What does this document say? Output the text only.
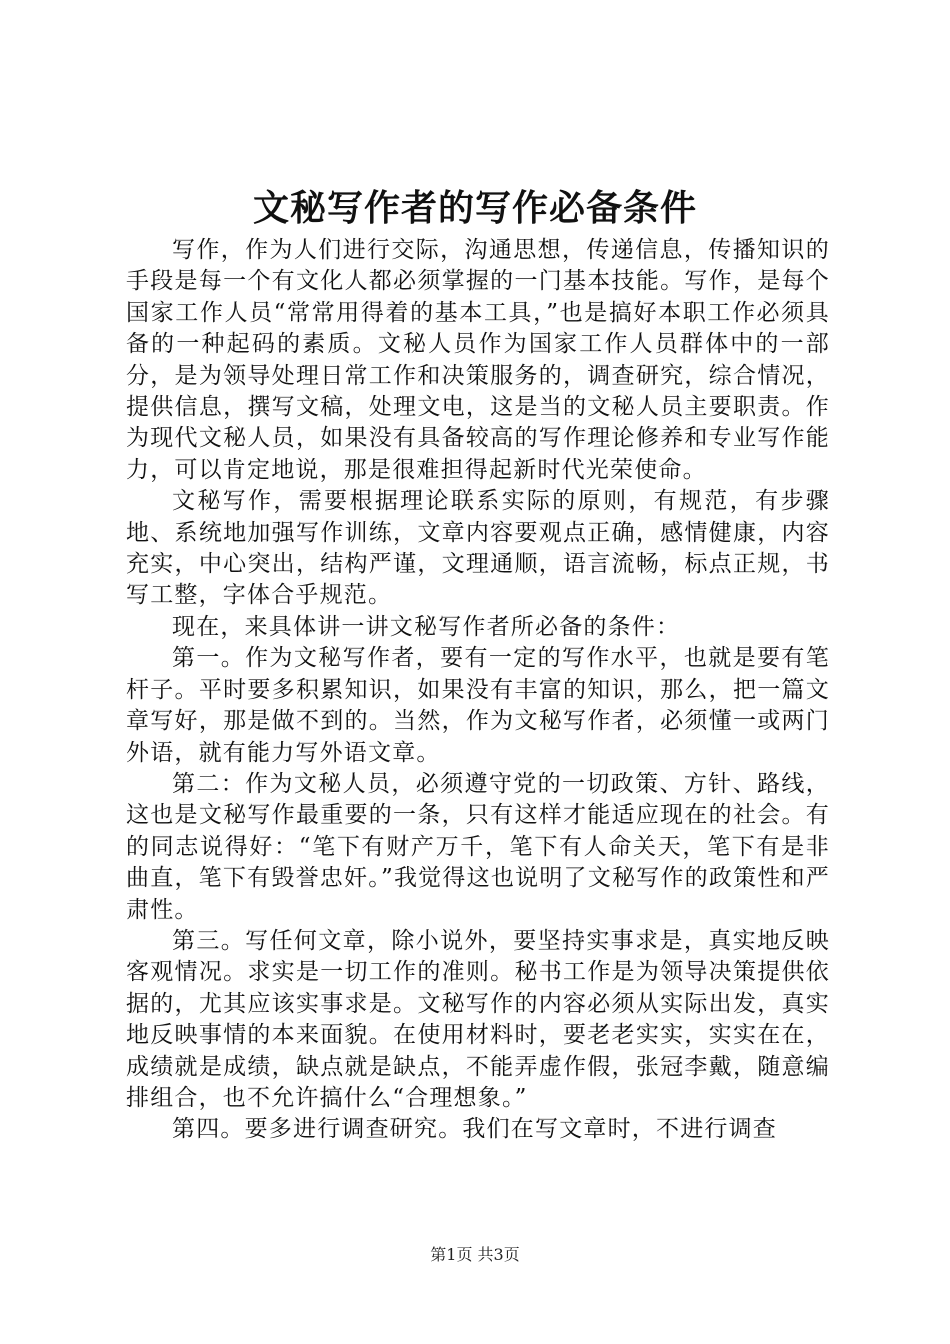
文秘写作者的写作必备条件

写作，作为人们进行交际，沟通思想，传递信息，传播知识的手段是每一个有文化人都必须掌握的一门基本技能。写作，是每个国家工作人员“常常用得着的基本工具，”也是搞好本职工作必须具备的一种起码的素质。文秘人员作为国家工作人员群体中的一部分，是为领导处理日常工作和决策服务的，调查研究，综合情况，提供信息，撰写文稿，处理文电，这是当的文秘人员主要职责。作为现代文秘人员，如果没有具备较高的写作理论修养和专业写作能力，可以肯定地说，那是很难担得起新时代光荣使命。

文秘写作，需要根据理论联系实际的原则，有规范，有步骤地、系统地加强写作训练，文章内容要观点正确，感情健康，内容充实，中心突出，结构严谨，文理通顺，语言流畅，标点正规，书写工整，字体合乎规范。

现在，来具体讲一讲文秘写作者所必备的条件：

第一。作为文秘写作者，要有一定的写作水平，也就是要有笔杆子。平时要多积累知识，如果没有丰富的知识，那么，把一篇文章写好，那是做不到的。当然，作为文秘写作者，必须懂一或两门外语，就有能力写外语文章。

第二：作为文秘人员，必须遵守党的一切政策、方针、路线，这也是文秘写作最重要的一条，只有这样才能适应现在的社会。有的同志说得好：“笔下有财产万千，笔下有人命关天，笔下有是非曲直，笔下有毁誉忠奸。”我觉得这也说明了文秘写作的政策性和严肃性。

第三。写任何文章，除小说外，要坚持实事求是，真实地反映客观情况。求实是一切工作的准则。秘书工作是为领导决策提供依据的，尤其应该实事求是。文秘写作的内容必须从实际出发，真实地反映事情的本来面貌。在使用材料时，要老老实实，实实在在，成绩就是成绩，缺点就是缺点，不能弄虚作假，张冠李戴，随意编排组合，也不允许搞什么“合理想象。”

第四。要多进行调查研究。我们在写文章时，不进行调查

第1页 共3页
